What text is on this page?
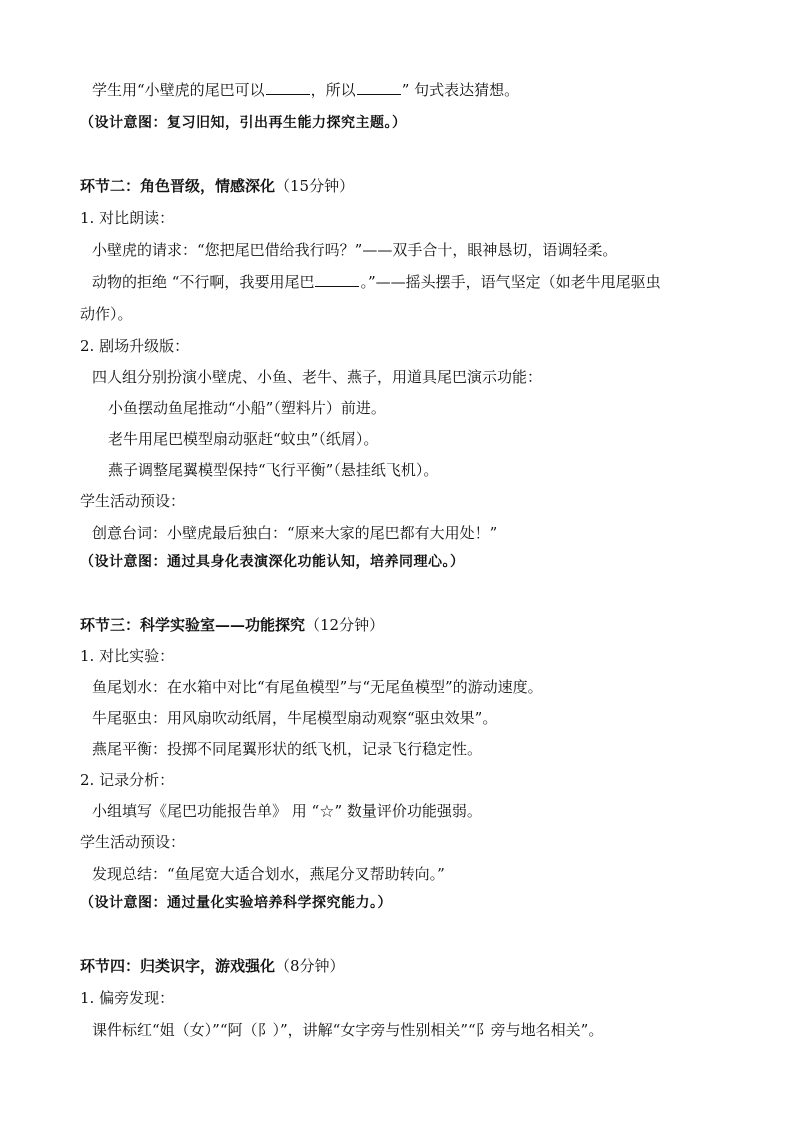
学生用“小壁虎的尾巴可以	，所以	” 句式表达猜想。
（设计意图：复习旧知，引出再生能力探究主题。）
环节二：角色晋级，情感深化（15分钟）
1. 对比朗读：
小壁虎的请求：“您把尾巴借给我行吗？”——双手合十，眼神恳切，语调轻柔。
动物的拒绝 “不行啊，我要用尾巴	。”——摇头摆手，语气坚定（如老牛甩尾驱虫
动作）。
2. 剧场升级版：
四人组分别扮演小壁虎、小鱼、老牛、燕子，用道具尾巴演示功能：
小鱼摆动鱼尾推动“小船”（塑料片）前进。
老牛用尾巴模型扇动驱赶“蚊虫”（纸屑）。
燕子调整尾翼模型保持“飞行平衡”（悬挂纸飞机）。
学生活动预设：
创意台词：小壁虎最后独白：“原来大家的尾巴都有大用处！”
（设计意图：通过具身化表演深化功能认知，培养同理心。）
环节三：科学实验室——功能探究（12分钟）
1. 对比实验：
鱼尾划水：在水箱中对比“有尾鱼模型”与“无尾鱼模型”的游动速度。
牛尾驱虫：用风扇吹动纸屑，牛尾模型扇动观察“驱虫效果”。
燕尾平衡：投掷不同尾翼形状的纸飞机，记录飞行稳定性。
2. 记录分析：
小组填写《尾巴功能报告单》 用 “☆” 数量评价功能强弱。
学生活动预设：
发现总结：“鱼尾宽大适合划水，燕尾分叉帮助转向。”
（设计意图：通过量化实验培养科学探究能力。）
环节四：归类识字，游戏强化（8分钟）
1. 偏旁发现：
课件标红“姐（女）”“阿（阝）”，讲解“女字旁与性别相关”“阝旁与地名相关”。
